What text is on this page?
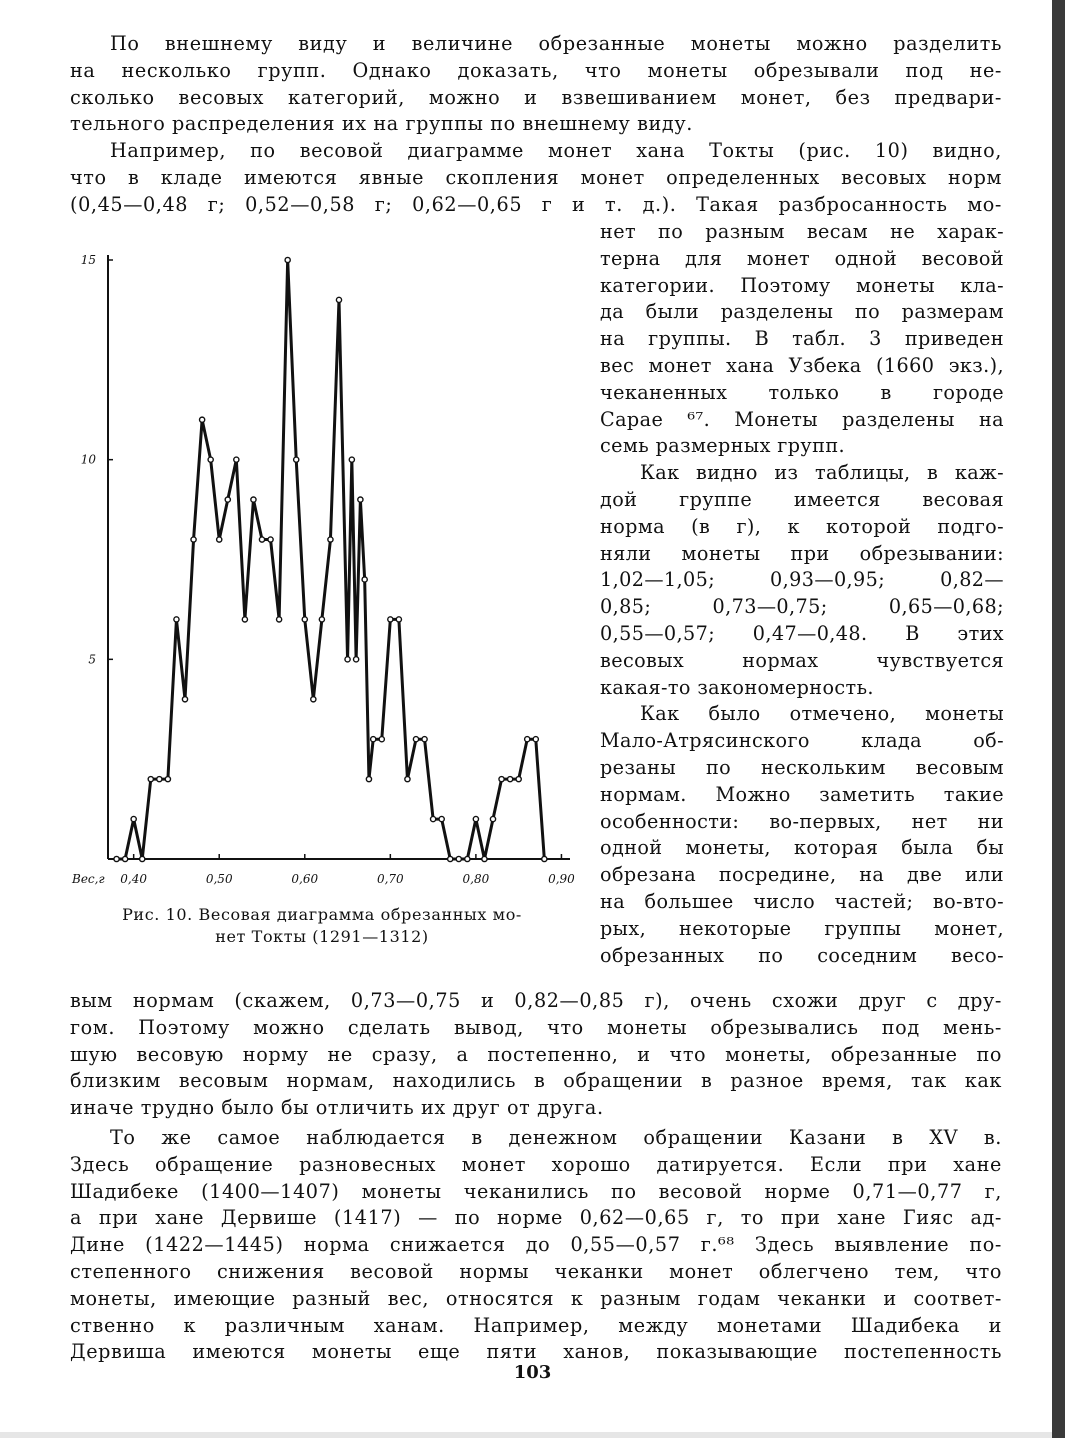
По внешнему виду и величине обрезанные монеты можно разделить
на несколько групп. Однако доказать, что монеты обрезывали под не-
сколько весовых категорий, можно и взвешиванием монет, без предвари-
тельного распределения их на группы по внешнему виду.
Например, по весовой диаграмме монет хана Токты (рис. 10) видно,
что в кладе имеются явные скопления монет определенных весовых норм
(0,45—0,48 г; 0,52—0,58 г; 0,62—0,65 г и т. д.). Такая разбросанность мо-
нет по разным весам не харак-
терна для монет одной весовой
категории. Поэтому монеты кла-
да были разделены по размерам
на группы. В табл. 3 приведен
вес монет хана Узбека (1660 экз.),
чеканенных только в городе
Сарае ⁶⁷. Монеты разделены на
семь размерных групп.
Как видно из таблицы, в каж-
дой группе имеется весовая
норма (в г), к которой подго-
няли монеты при обрезывании:
1,02—1,05; 0,93—0,95; 0,82—
0,85; 0,73—0,75; 0,65—0,68;
0,55—0,57; 0,47—0,48. В этих
весовых нормах чувствуется
какая-то закономерность.
Как было отмечено, монеты
Мало-Атрясинского клада об-
резаны по нескольким весовым
нормам. Можно заметить такие
особенности: во-первых, нет ни
одной монеты, которая была бы
обрезана посредине, на две или
на большее число частей; во-вто-
рых, некоторые группы монет,
обрезанных по соседним весо-
5
10
15
0,40	0,50	0,60	0,70	0,80	0,90
Вес,г
Рис. 10. Весовая диаграмма обрезанных мо-
нет Токты (1291—1312)
вым нормам (скажем, 0,73—0,75 и 0,82—0,85 г), очень схожи друг с дру-
гом. Поэтому можно сделать вывод, что монеты обрезывались под мень-
шую весовую норму не сразу, а постепенно, и что монеты, обрезанные по
близким весовым нормам, находились в обращении в разное время, так как
иначе трудно было бы отличить их друг от друга.
То же самое наблюдается в денежном обращении Казани в XV в.
Здесь обращение разновесных монет хорошо датируется. Если при хане
Шадибеке (1400—1407) монеты чеканились по весовой норме 0,71—0,77 г,
а при хане Дервише (1417) — по норме 0,62—0,65 г, то при хане Гияс ад-
Дине (1422—1445) норма снижается до 0,55—0,57 г.⁶⁸ Здесь выявление по-
степенного снижения весовой нормы чеканки монет облегчено тем, что
монеты, имеющие разный вес, относятся к разным годам чеканки и соответ-
ственно к различным ханам. Например, между монетами Шадибека и
Дервиша имеются монеты еще пяти ханов, показывающие постепенность
103
